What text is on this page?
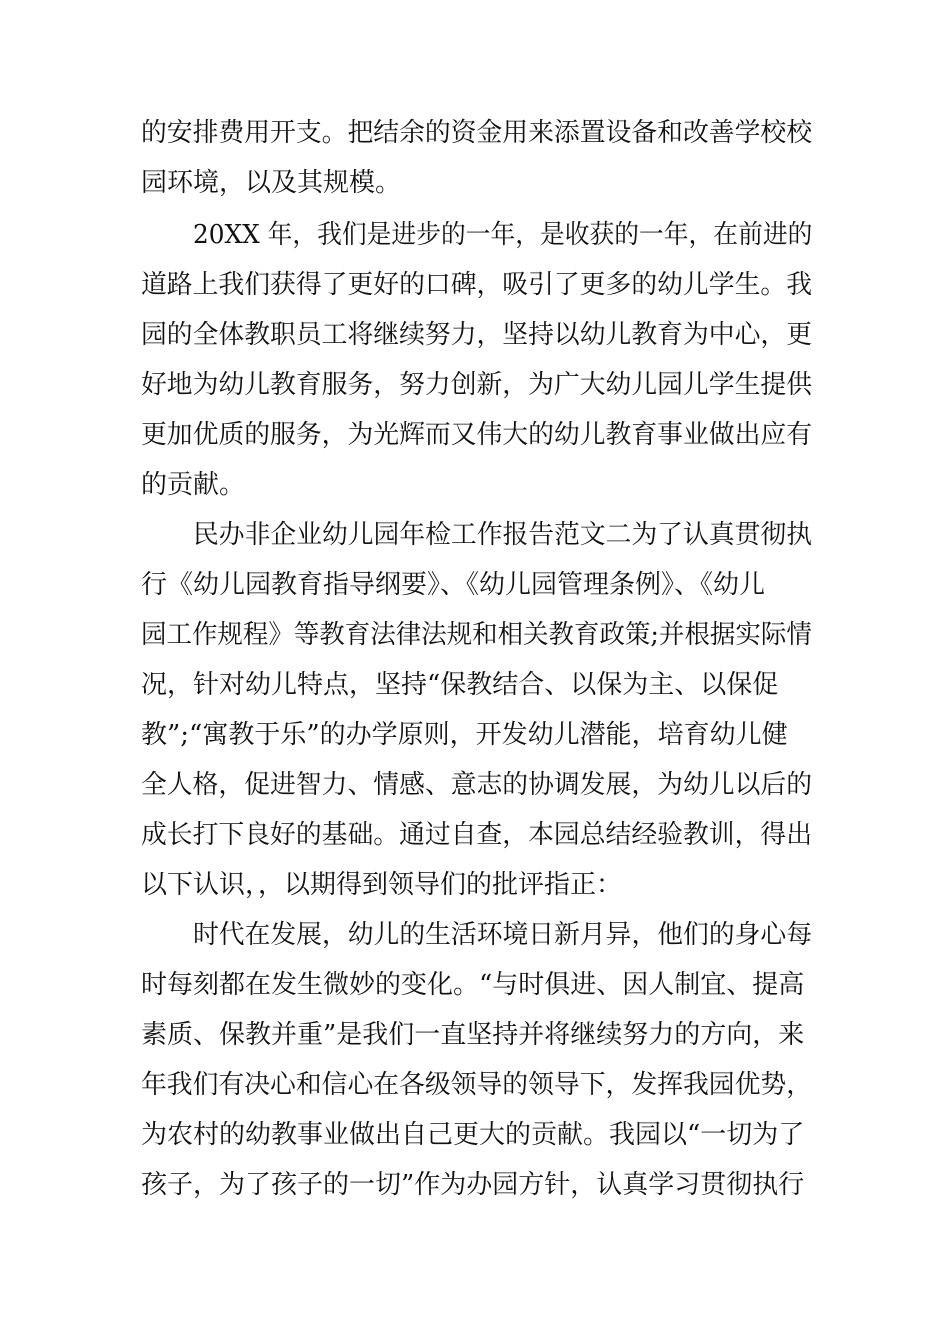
的安排费用开支。把结余的资金用来添置设备和改善学校校
园环境，以及其规模。
20XX 年，我们是进步的一年，是收获的一年，在前进的
道路上我们获得了更好的口碑，吸引了更多的幼儿学生。我
园的全体教职员工将继续努力，坚持以幼儿教育为中心，更
好地为幼儿教育服务，努力创新，为广大幼儿园儿学生提供
更加优质的服务，为光辉而又伟大的幼儿教育事业做出应有
的贡献。
民办非企业幼儿园年检工作报告范文二为了认真贯彻执
行《幼儿园教育指导纲要》、《幼儿园管理条例》、《幼儿
园工作规程》等教育法律法规和相关教育政策;并根据实际情
况，针对幼儿特点，坚持“保教结合、以保为主、以保促
教”;“寓教于乐”的办学原则，开发幼儿潜能，培育幼儿健
全人格，促进智力、情感、意志的协调发展，为幼儿以后的
成长打下良好的基础。通过自查，本园总结经验教训，得出
以下认识，，以期得到领导们的批评指正：
时代在发展，幼儿的生活环境日新月异，他们的身心每
时每刻都在发生微妙的变化。“与时俱进、因人制宜、提高
素质、保教并重”是我们一直坚持并将继续努力的方向，来
年我们有决心和信心在各级领导的领导下，发挥我园优势，
为农村的幼教事业做出自己更大的贡献。我园以“一切为了
孩子，为了孩子的一切”作为办园方针，认真学习贯彻执行
